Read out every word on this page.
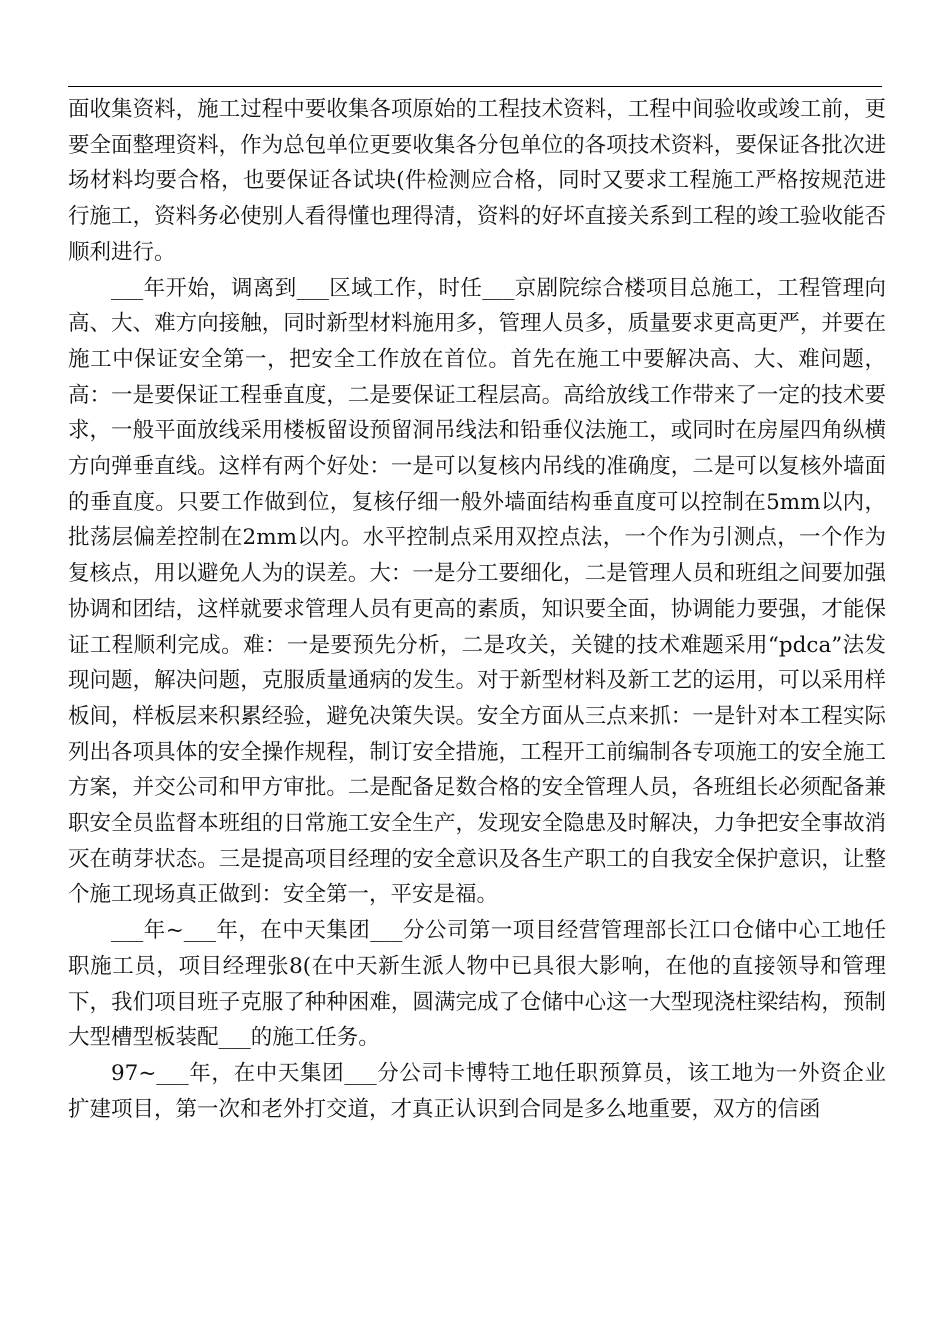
面收集资料，施工过程中要收集各项原始的工程技术资料，工程中间验收或竣工前，更要全面整理资料，作为总包单位更要收集各分包单位的各项技术资料，要保证各批次进场材料均要合格，也要保证各试块(件检测应合格，同时又要求工程施工严格按规范进行施工，资料务必使别人看得懂也理得清，资料的好坏直接关系到工程的竣工验收能否顺利进行。

___年开始，调离到___区域工作，时任___京剧院综合楼项目总施工，工程管理向高、大、难方向接触，同时新型材料施用多，管理人员多，质量要求更高更严，并要在施工中保证安全第一，把安全工作放在首位。首先在施工中要解决高、大、难问题，高：一是要保证工程垂直度，二是要保证工程层高。高给放线工作带来了一定的技术要求，一般平面放线采用楼板留设预留洞吊线法和铅垂仪法施工，或同时在房屋四角纵横方向弹垂直线。这样有两个好处：一是可以复核内吊线的准确度，二是可以复核外墙面的垂直度。只要工作做到位，复核仔细一般外墙面结构垂直度可以控制在5mm以内，批荡层偏差控制在2mm以内。水平控制点采用双控点法，一个作为引测点，一个作为复核点，用以避免人为的误差。大：一是分工要细化，二是管理人员和班组之间要加强协调和团结，这样就要求管理人员有更高的素质，知识要全面，协调能力要强，才能保证工程顺利完成。难：一是要预先分析，二是攻关，关键的技术难题采用“pdca”法发现问题，解决问题，克服质量通病的发生。对于新型材料及新工艺的运用，可以采用样板间，样板层来积累经验，避免决策失误。安全方面从三点来抓：一是针对本工程实际列出各项具体的安全操作规程，制订安全措施，工程开工前编制各专项施工的安全施工方案，并交公司和甲方审批。二是配备足数合格的安全管理人员，各班组长必须配备兼职安全员监督本班组的日常施工安全生产，发现安全隐患及时解决，力争把安全事故消灭在萌芽状态。三是提高项目经理的安全意识及各生产职工的自我安全保护意识，让整个施工现场真正做到：安全第一，平安是福。

___年~___年，在中天集团___分公司第一项目经营管理部长江口仓储中心工地任职施工员，项目经理张8(在中天新生派人物中已具很大影响，在他的直接领导和管理下，我们项目班子克服了种种困难，圆满完成了仓储中心这一大型现浇柱梁结构，预制大型槽型板装配___的施工任务。

97~___年，在中天集团___分公司卡博特工地任职预算员，该工地为一外资企业扩建项目，第一次和老外打交道，才真正认识到合同是多么地重要，双方的信函
